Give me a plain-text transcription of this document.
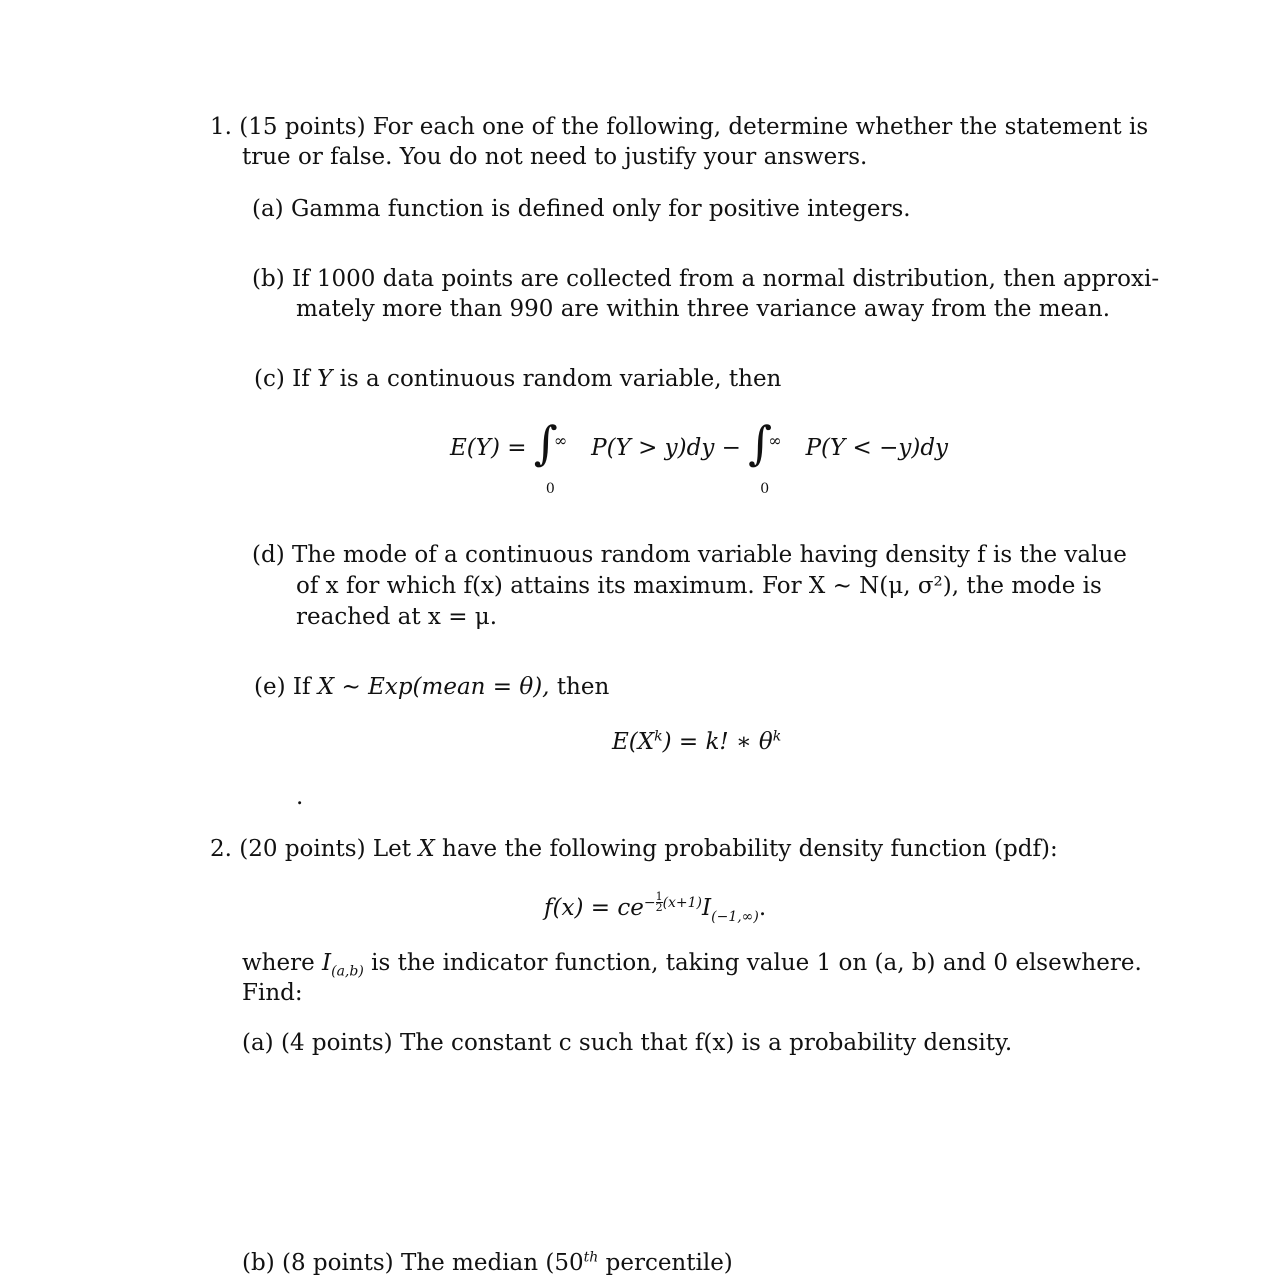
1. (15 points) For each one of the following, determine whether the statement is
true or false. You do not need to justify your answers.
(a) Gamma function is defined only for positive integers.
(b) If 1000 data points are collected from a normal distribution, then approxi-
mately more than 990 are within three variance away from the mean.
(c) If Y is a continuous random variable, then
E(Y) = ∫
∞
0
P(Y > y)dy − ∫
∞
0
P(Y < −y)dy
(d) The mode of a continuous random variable having density f is the value
of x for which f(x) attains its maximum. For X ∼ N(μ, σ²), the mode is
reached at x = μ.
(e) If X ∼ Exp(mean = θ), then
$E(X^k) = k$! ∗ $\theta^k$
.
2. (20 points) Let X have the following probability density function (pdf):
$f(x) = ce^{- \frac{1}{2} (x+1)}I_{(-1,\infty)}$.
where $I_{(a,b)}$ is the indicator function, taking value 1 on (a, b) and 0 elsewhere.
Find:
(a) (4 points) The constant c such that f(x) is a probability density.
(b) (8 points) The median (50th percentile)
